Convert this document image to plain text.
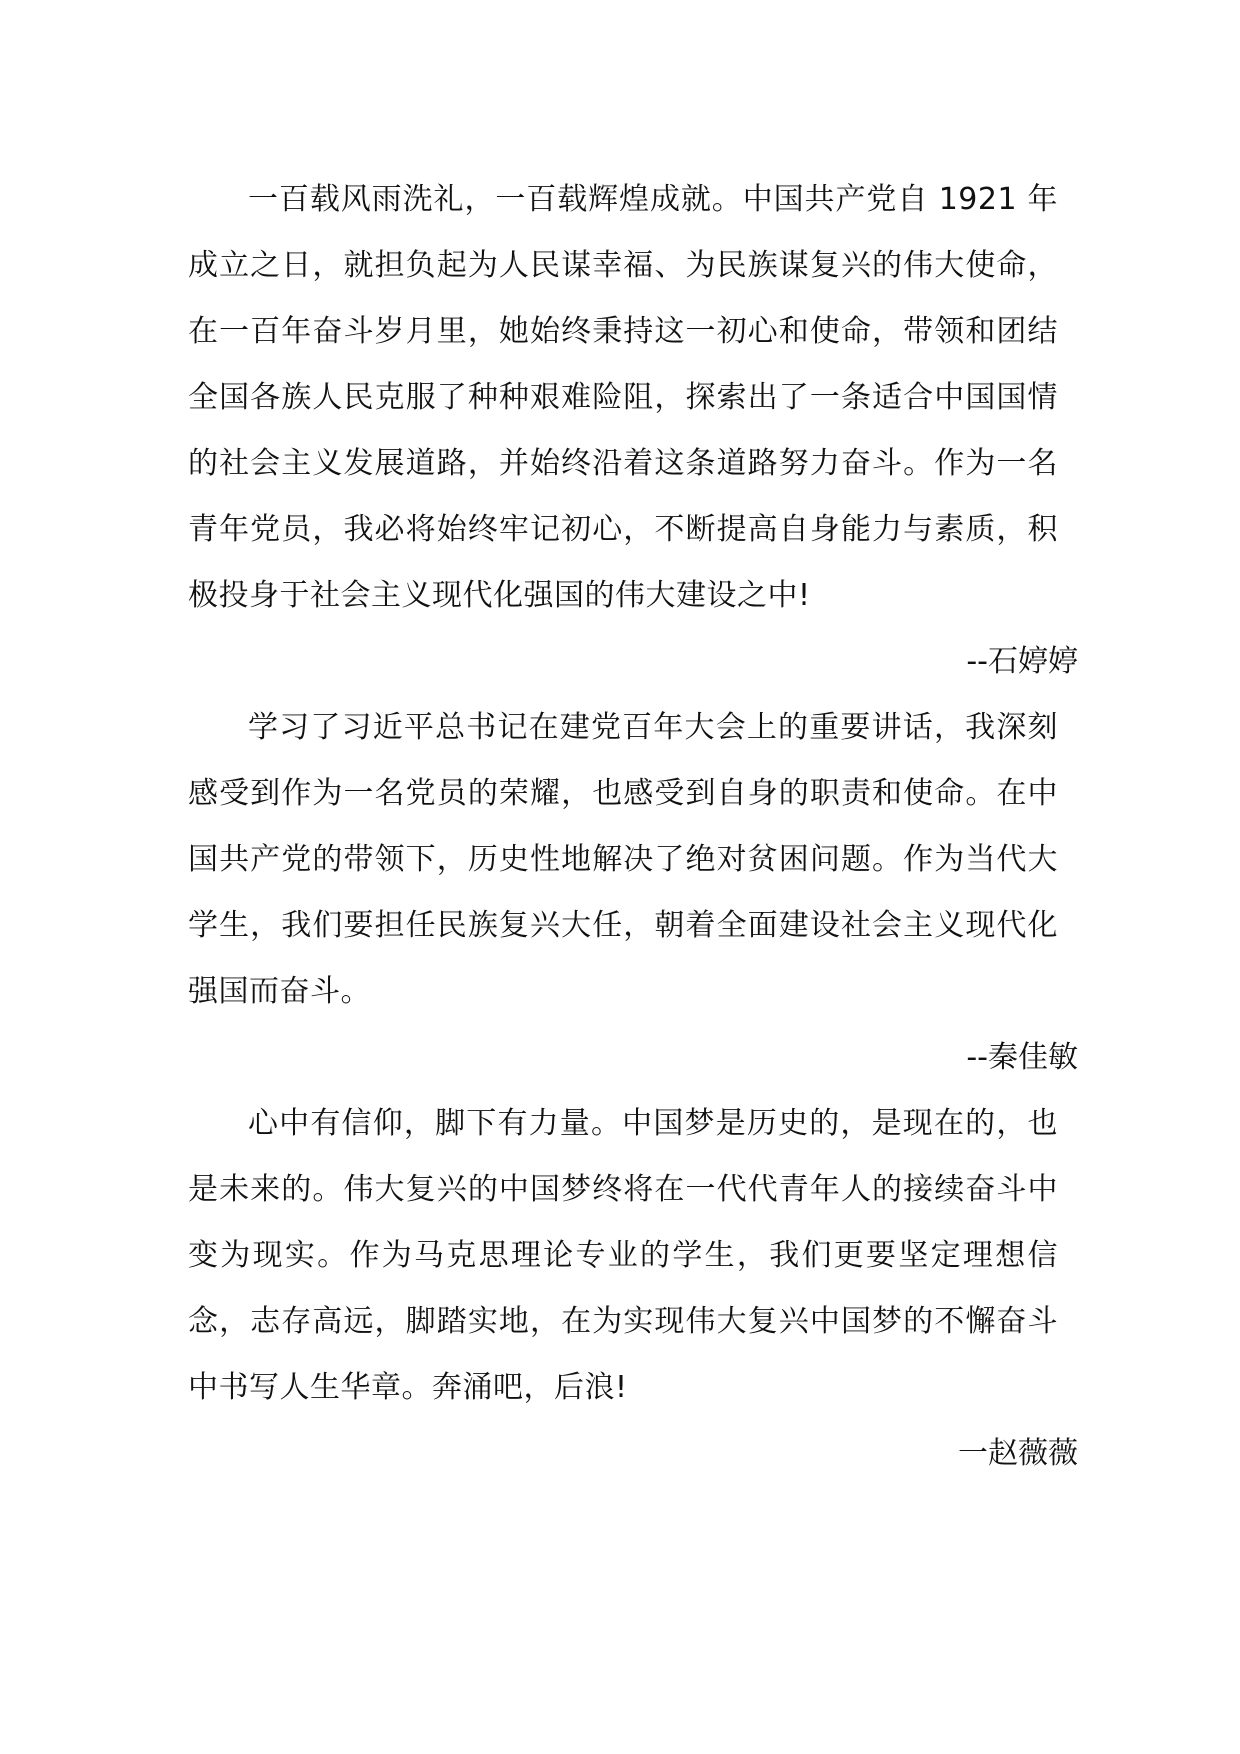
一百载风雨洗礼，一百载辉煌成就。中国共产党自 1921 年成立之日，就担负起为人民谋幸福、为民族谋复兴的伟大使命，在一百年奋斗岁月里，她始终秉持这一初心和使命，带领和团结全国各族人民克服了种种艰难险阻，探索出了一条适合中国国情的社会主义发展道路，并始终沿着这条道路努力奋斗。作为一名青年党员，我必将始终牢记初心，不断提高自身能力与素质，积极投身于社会主义现代化强国的伟大建设之中!

--石婷婷

学习了习近平总书记在建党百年大会上的重要讲话，我深刻感受到作为一名党员的荣耀，也感受到自身的职责和使命。在中国共产党的带领下，历史性地解决了绝对贫困问题。作为当代大学生，我们要担任民族复兴大任，朝着全面建设社会主义现代化强国而奋斗。

--秦佳敏

心中有信仰，脚下有力量。中国梦是历史的，是现在的，也是未来的。伟大复兴的中国梦终将在一代代青年人的接续奋斗中变为现实。作为马克思理论专业的学生，我们更要坚定理想信念，志存高远，脚踏实地，在为实现伟大复兴中国梦的不懈奋斗中书写人生华章。奔涌吧，后浪!

一赵薇薇
